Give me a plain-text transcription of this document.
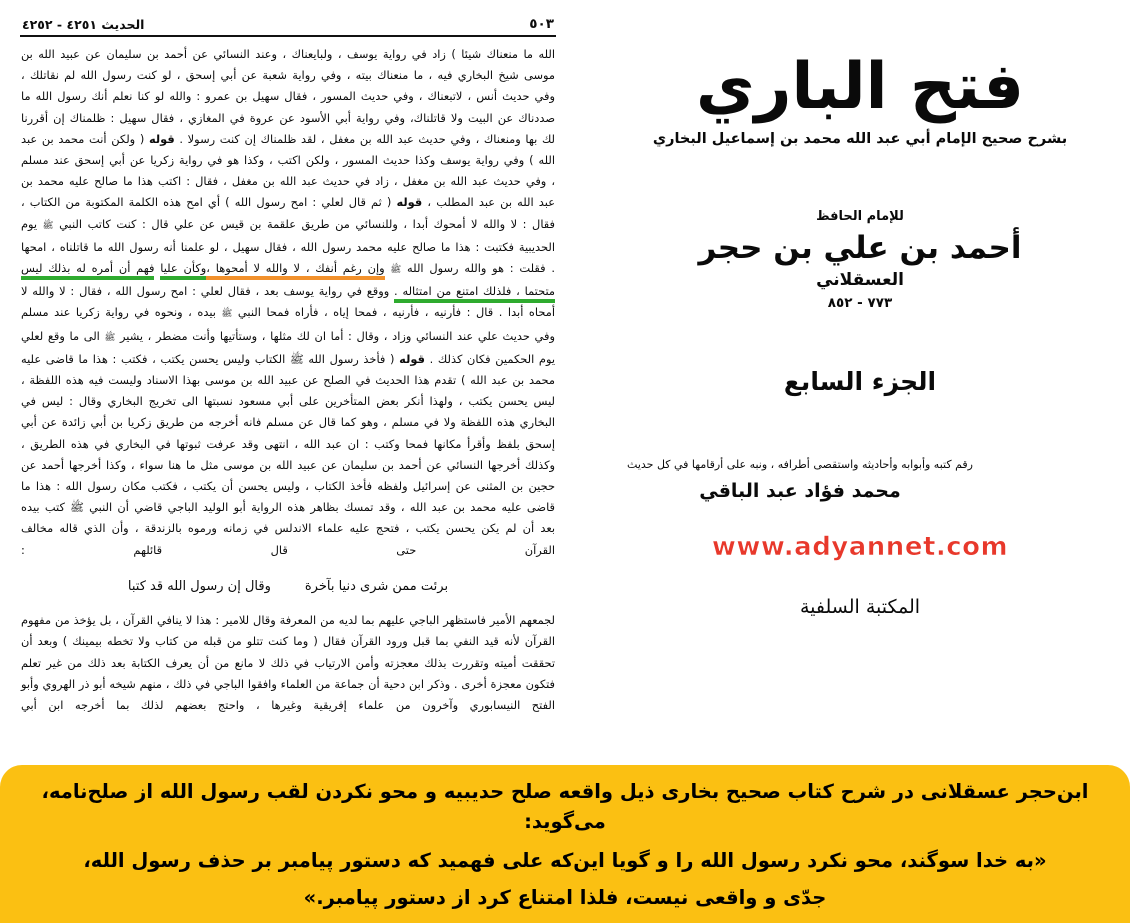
الحديث ٤٢٥١ - ٤٢٥٢	٥٠٣

الله ما منعناك شيئا ) زاد في رواية يوسف ، ولبايعناك ، وعند النسائي عن أحمد بن سليمان عن عبيد الله بن موسى شيخ البخاري فيه ، ما منعناك بيته ، وفي رواية شعبة عن أبي إسحق ، لو كنت رسول الله لم نقاتلك ، وفي حديث أنس ، لاتبعناك ، وفي حديث المسور ، فقال سهيل بن عمرو : والله لو كنا نعلم أنك رسول الله ما صددناك عن البيت ولا قاتلناك، وفي رواية أبي الأسود عن عروة في المغازي ، فقال سهيل : ظلمناك إن أقررنا لك بها ومنعناك ، وفي حديث عبد الله بن مغفل ، لقد ظلمناك إن كنت رسولا . قوله ( ولكن أنت محمد بن عبد الله ) وفي رواية يوسف وكذا حديث المسور ، ولكن اكتب ، وكذا هو في رواية زكريا عن أبي إسحق عند مسلم ، وفي حديث عبد الله بن مغفل ، زاد في حديث عبد الله بن مغفل ، فقال : اكتب هذا ما صالح عليه محمد بن عبد الله بن عبد المطلب ، قوله ( ثم قال لعلي : امح رسول الله ) أي امح هذه الكلمة المكتوبة من الكتاب ، فقال : لا والله لا أمحوك أبدا ، وللنسائي من طريق علقمة بن قيس عن علي قال : كنت كاتب النبي ﷺ يوم الحديبية فكتبت : هذا ما صالح عليه محمد رسول الله ، فقال سهيل ، لو علمنا أنه رسول الله ما قاتلناه ، امحها . فقلت : هو والله رسول الله ﷺ وإن رغم أنفك ، لا والله لا أمحوها ،وكأن عليا فهم أن أمره له بذلك ليس متحتما ، فلذلك امتنع من امتثاله . ووقع في رواية يوسف بعد ، فقال لعلي : امح رسول الله ، فقال : لا والله لا أمحاه أبدا . قال : فأرنيه ، فأرنيه ، فمحا إياه ، فأراه فمحا النبي ﷺ بيده ، ونحوه في رواية زكريا عند مسلم وفي حديث علي عند النسائي وزاد ، وقال : أما ان لك مثلها ، وستأتيها وأنت مضطر ، يشير ﷺ الى ما وقع لعلي يوم الحكمين فكان كذلك . قوله ( فأخذ رسول الله ﷺ الكتاب وليس يحسن يكتب ، فكتب : هذا ما قاضى عليه محمد بن عبد الله ) تقدم هذا الحديث في الصلح عن عبيد الله بن موسى بهذا الاسناد وليست فيه هذه اللفظة ، ليس يحسن يكتب ، ولهذا أنكر بعض المتأخرين على أبي مسعود نسبتها الى تخريج البخاري وقال : ليس في البخاري هذه اللفظة ولا في مسلم ، وهو كما قال عن مسلم فانه أخرجه من طريق زكريا بن أبي زائدة عن أبي إسحق بلفظ وأقرأ مكانها فمحا وكتب : ان عبد الله ، انتهى وقد عرفت ثبوتها في البخاري في هذه الطريق ، وكذلك أخرجها النسائي عن أحمد بن سليمان عن عبيد الله بن موسى مثل ما هنا سواء ، وكذا أخرجها أحمد عن حجين بن المثنى عن إسرائيل ولفظه فأخذ الكتاب ، وليس يحسن أن يكتب ، فكتب مكان رسول الله : هذا ما قاضى عليه محمد بن عبد الله ، وقد تمسك بظاهر هذه الرواية أبو الوليد الباجي قاضي أن النبي ﷺ كتب بيده بعد أن لم يكن يحسن يكتب ، فتحج عليه علماء الاندلس في زمانه ورموه بالزندقة ، وأن الذي قاله مخالف القرآن حتى قال قائلهم :

برئت ممن شرى دنيا بآخرةوقال إن رسول الله قد كتبا

لجمعهم الأمير فاستظهر الباجي عليهم بما لديه من المعرفة وقال للامير : هذا لا ينافي القرآن ، بل يؤخذ من مفهوم القرآن لأنه قيد النفي بما قبل ورود القرآن فقال ( وما كنت تتلو من قبله من كتاب ولا تخطه بيمينك ) وبعد أن تحققت أميته وتقررت بذلك معجزته وأمن الارتياب في ذلك لا مانع من أن يعرف الكتابة بعد ذلك من غير تعلم فتكون معجزة أخرى . وذكر ابن دحية أن جماعة من العلماء وافقوا الباجي في ذلك ، منهم شيخه أبو ذر الهروي وأبو الفتح النيسابوري وآخرون من علماء إفريقية وغيرها ، واحتج بعضهم لذلك بما أخرجه ابن أبي

فتح الباري
بشرح صحيح الإمام أبي عبد الله محمد بن إسماعيل البخاري
للإمام الحافظ
أحمد بن علي بن حجر
العسقلاني
٧٧٣ - ٨٥٢
الجزء السابع
رقم كتبه وأبوابه وأحاديثه واستقصى أطرافه ، ونبه على أرقامها في كل حديث
محمد فؤاد عبد الباقي
www.adyannet.com
المكتبة السلفية
ابن‌حجر عسقلانی در شرح کتاب صحیح بخاری ذیل واقعه صلح حدیبیه و محو نکردن لقب رسول الله از صلح‌نامه، می‌گوید:
«به خدا سوگند، محو نکرد رسول الله را و گویا این‌که علی فهمید که دستور پیامبر بر حذف رسول الله،
جدّی و واقعی نیست، فلذا امتناع کرد از دستور پیامبر.»
